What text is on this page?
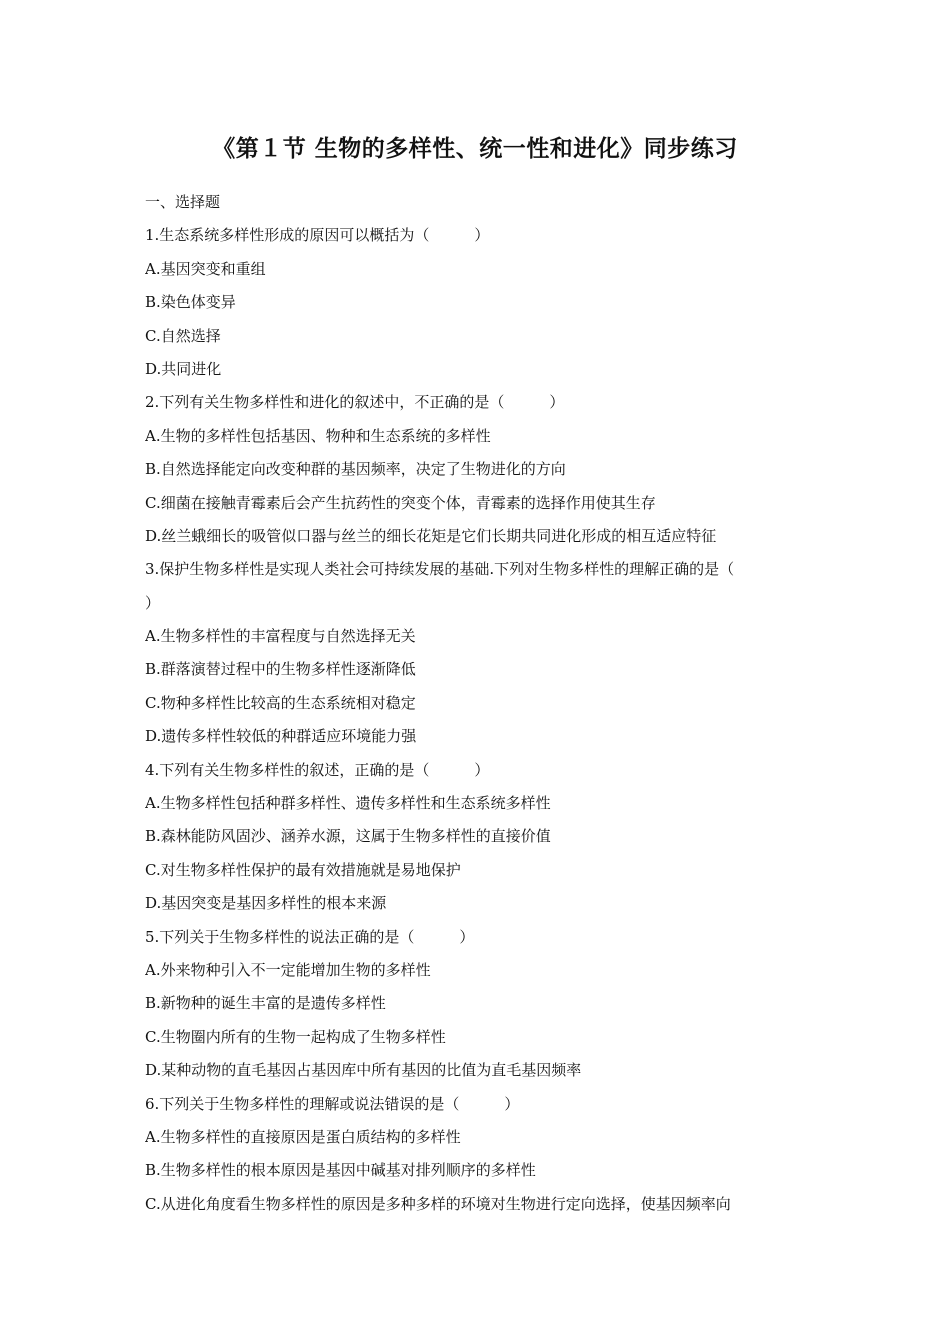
《第１节 生物的多样性、统一性和进化》同步练习
一、选择题
1.生态系统多样性形成的原因可以概括为（　　　）
A.基因突变和重组
B.染色体变异
C.自然选择
D.共同进化
2.下列有关生物多样性和进化的叙述中，不正确的是（　　　）
A.生物的多样性包括基因、物种和生态系统的多样性
B.自然选择能定向改变种群的基因频率，决定了生物进化的方向
C.细菌在接触青霉素后会产生抗药性的突变个体，青霉素的选择作用使其生存
D.丝兰蛾细长的吸管似口器与丝兰的细长花矩是它们长期共同进化形成的相互适应特征
3.保护生物多样性是实现人类社会可持续发展的基础.下列对生物多样性的理解正确的是（
）
A.生物多样性的丰富程度与自然选择无关
B.群落演替过程中的生物多样性逐渐降低
C.物种多样性比较高的生态系统相对稳定
D.遗传多样性较低的种群适应环境能力强
4.下列有关生物多样性的叙述，正确的是（　　　）
A.生物多样性包括种群多样性、遗传多样性和生态系统多样性
B.森林能防风固沙、涵养水源，这属于生物多样性的直接价值
C.对生物多样性保护的最有效措施就是易地保护
D.基因突变是基因多样性的根本来源
5.下列关于生物多样性的说法正确的是（　　　）
A.外来物种引入不一定能增加生物的多样性
B.新物种的诞生丰富的是遗传多样性
C.生物圈内所有的生物一起构成了生物多样性
D.某种动物的直毛基因占基因库中所有基因的比值为直毛基因频率
6.下列关于生物多样性的理解或说法错误的是（　　　）
A.生物多样性的直接原因是蛋白质结构的多样性
B.生物多样性的根本原因是基因中碱基对排列顺序的多样性
C.从进化角度看生物多样性的原因是多种多样的环境对生物进行定向选择，使基因频率向
